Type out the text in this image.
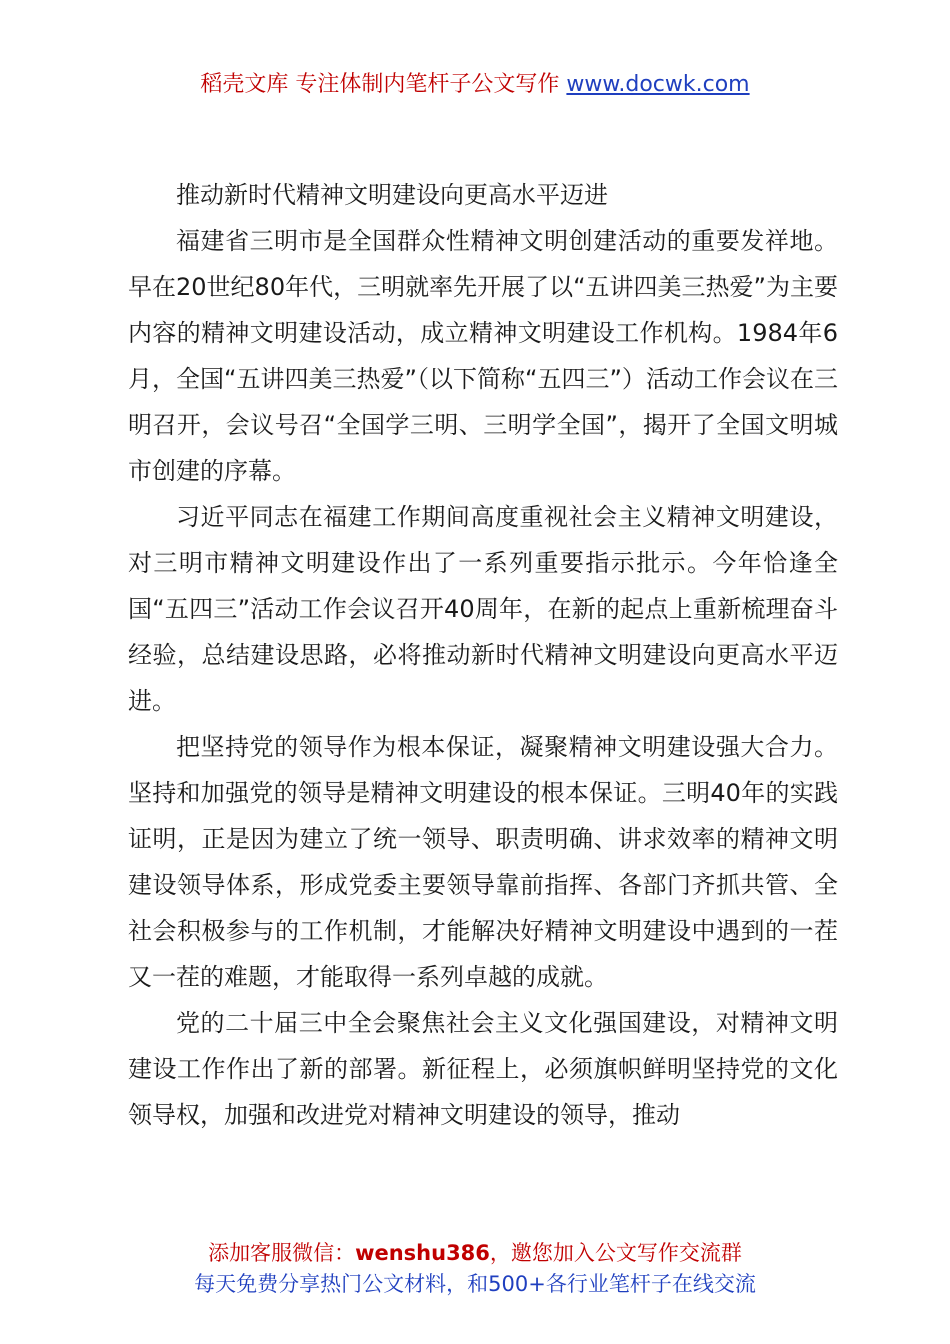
稻壳文库 专注体制内笔杆子公文写作 www.docwk.com

推动新时代精神文明建设向更高水平迈进

福建省三明市是全国群众性精神文明创建活动的重要发祥地。早在20世纪80年代，三明就率先开展了以“五讲四美三热爱”为主要内容的精神文明建设活动，成立精神文明建设工作机构。1984年6月，全国“五讲四美三热爱”（以下简称“五四三”）活动工作会议在三明召开，会议号召“全国学三明、三明学全国”，揭开了全国文明城市创建的序幕。

习近平同志在福建工作期间高度重视社会主义精神文明建设，对三明市精神文明建设作出了一系列重要指示批示。今年恰逢全国“五四三”活动工作会议召开40周年，在新的起点上重新梳理奋斗经验，总结建设思路，必将推动新时代精神文明建设向更高水平迈进。

把坚持党的领导作为根本保证，凝聚精神文明建设强大合力。坚持和加强党的领导是精神文明建设的根本保证。三明40年的实践证明，正是因为建立了统一领导、职责明确、讲求效率的精神文明建设领导体系，形成党委主要领导靠前指挥、各部门齐抓共管、全社会积极参与的工作机制，才能解决好精神文明建设中遇到的一茬又一茬的难题，才能取得一系列卓越的成就。

党的二十届三中全会聚焦社会主义文化强国建设，对精神文明建设工作作出了新的部署。新征程上，必须旗帜鲜明坚持党的文化领导权，加强和改进党对精神文明建设的领导，推动

添加客服微信：wenshu386，邀您加入公文写作交流群
每天免费分享热门公文材料，和500+各行业笔杆子在线交流
